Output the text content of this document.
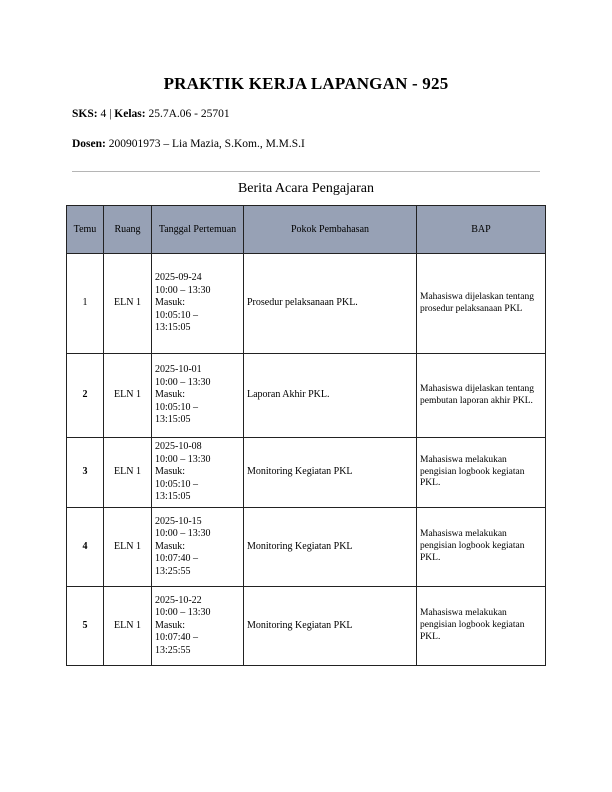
PRAKTIK KERJA LAPANGAN - 925
SKS: 4 | Kelas: 25.7A.06 - 25701
Dosen: 200901973 – Lia Mazia, S.Kom., M.M.S.I
Berita Acara Pengajaran
Temu	Ruang	Tanggal Pertemuan	Pokok Pembahasan	BAP
1	ELN 1	2025-09-24
10:00 – 13:30
Masuk:
10:05:10 –
13:15:05	Prosedur pelaksanaan PKL.	Mahasiswa dijelaskan tentang prosedur pelaksanaan PKL
2	ELN 1	2025-10-01
10:00 – 13:30
Masuk:
10:05:10 –
13:15:05	Laporan Akhir PKL.	Mahasiswa dijelaskan tentang pembutan laporan akhir PKL.
3	ELN 1	2025-10-08
10:00 – 13:30
Masuk:
10:05:10 –
13:15:05	Monitoring Kegiatan PKL	Mahasiswa melakukan pengisian logbook kegiatan PKL.
4	ELN 1	2025-10-15
10:00 – 13:30
Masuk:
10:07:40 –
13:25:55	Monitoring Kegiatan PKL	Mahasiswa melakukan pengisian logbook kegiatan PKL.
5	ELN 1	2025-10-22
10:00 – 13:30
Masuk:
10:07:40 –
13:25:55	Monitoring Kegiatan PKL	Mahasiswa melakukan pengisian logbook kegiatan PKL.
